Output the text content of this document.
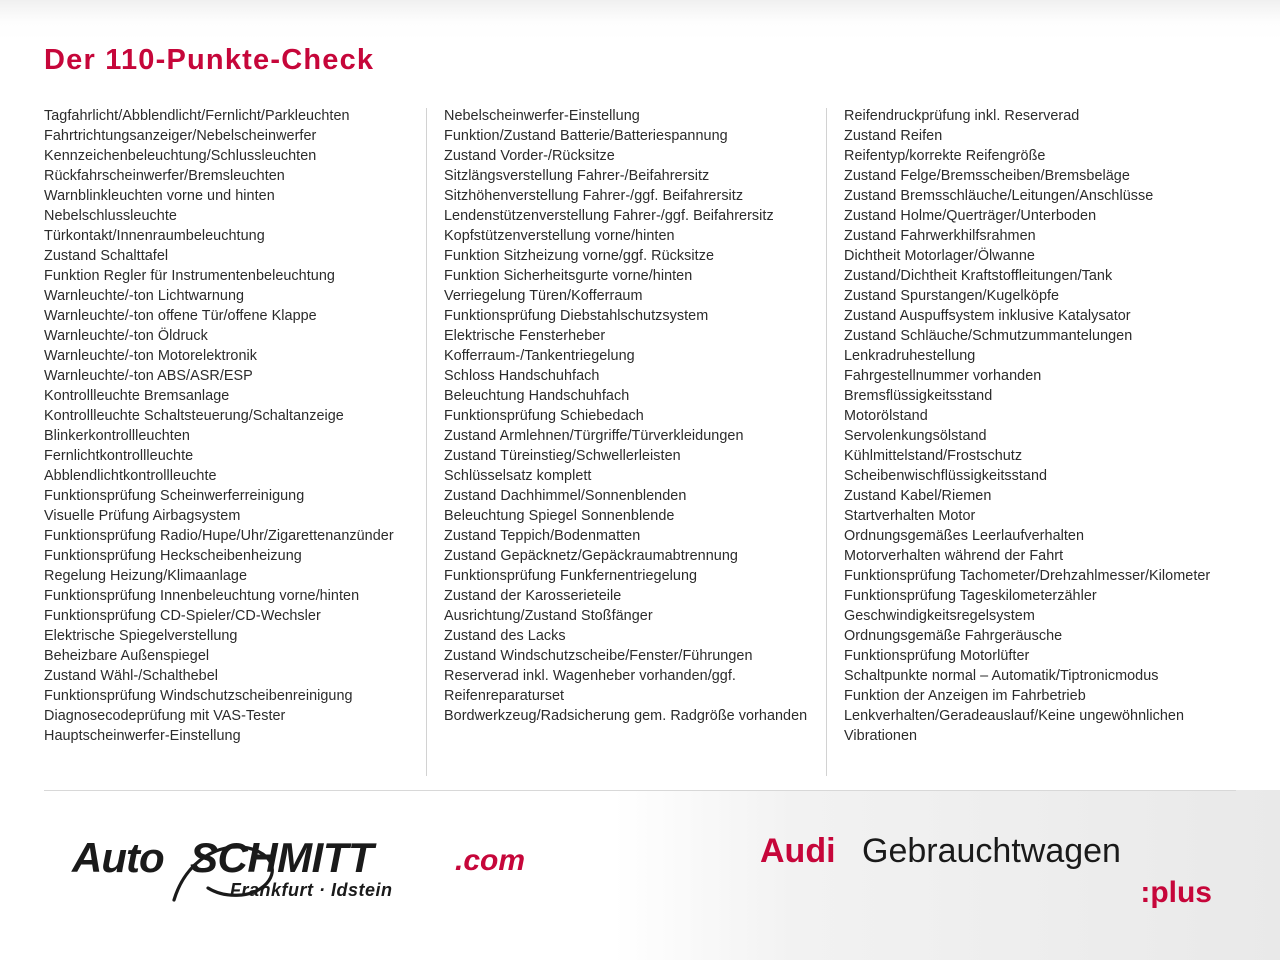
Der 110-Punkte-Check
Tagfahrlicht/Abblendlicht/Fernlicht/Parkleuchten
Fahrtrichtungsanzeiger/Nebelscheinwerfer
Kennzeichenbeleuchtung/Schlussleuchten
Rückfahrscheinwerfer/Bremsleuchten
Warnblinkleuchten vorne und hinten
Nebelschlussleuchte
Türkontakt/Innenraumbeleuchtung
Zustand Schalttafel
Funktion Regler für Instrumentenbeleuchtung
Warnleuchte/-ton Lichtwarnung
Warnleuchte/-ton offene Tür/offene Klappe
Warnleuchte/-ton Öldruck
Warnleuchte/-ton Motorelektronik
Warnleuchte/-ton ABS/ASR/ESP
Kontrollleuchte Bremsanlage
Kontrollleuchte Schaltsteuerung/Schaltanzeige
Blinkerkontrollleuchten
Fernlichtkontrollleuchte
Abblendlichtkontrollleuchte
Funktionsprüfung Scheinwerferreinigung
Visuelle Prüfung Airbagsystem
Funktionsprüfung Radio/Hupe/Uhr/Zigarettenanzünder
Funktionsprüfung Heckscheibenheizung
Regelung Heizung/Klimaanlage
Funktionsprüfung Innenbeleuchtung vorne/hinten
Funktionsprüfung CD-Spieler/CD-Wechsler
Elektrische Spiegelverstellung
Beheizbare Außenspiegel
Zustand Wähl-/Schalthebel
Funktionsprüfung Windschutzscheibenreinigung
Diagnosecodeprüfung mit VAS-Tester
Hauptscheinwerfer-Einstellung
Nebelscheinwerfer-Einstellung
Funktion/Zustand Batterie/Batteriespannung
Zustand Vorder-/Rücksitze
Sitzlängsverstellung Fahrer-/Beifahrersitz
Sitzhöhenverstellung Fahrer-/ggf. Beifahrersitz
Lendenstützenverstellung Fahrer-/ggf. Beifahrersitz
Kopfstützenverstellung vorne/hinten
Funktion Sitzheizung vorne/ggf. Rücksitze
Funktion Sicherheitsgurte vorne/hinten
Verriegelung Türen/Kofferraum
Funktionsprüfung Diebstahlschutzsystem
Elektrische Fensterheber
Kofferraum-/Tankentriegelung
Schloss Handschuhfach
Beleuchtung Handschuhfach
Funktionsprüfung Schiebedach
Zustand Armlehnen/Türgriffe/Türverkleidungen
Zustand Türeinstieg/Schwellerleisten
Schlüsselsatz komplett
Zustand Dachhimmel/Sonnenblenden
Beleuchtung Spiegel Sonnenblende
Zustand Teppich/Bodenmatten
Zustand Gepäcknetz/Gepäckraumabtrennung
Funktionsprüfung Funkfernentriegelung
Zustand der Karosserieteile
Ausrichtung/Zustand Stoßfänger
Zustand des Lacks
Zustand Windschutzscheibe/Fenster/Führungen
Reserverad inkl. Wagenheber vorhanden/ggf. Reifenreparaturset
Bordwerkzeug/Radsicherung gem. Radgröße vorhanden
Reifendruckprüfung inkl. Reserverad
Zustand Reifen
Reifentyp/korrekte Reifengröße
Zustand Felge/Bremsscheiben/Bremsbeläge
Zustand Bremsschläuche/Leitungen/Anschlüsse
Zustand Holme/Querträger/Unterboden
Zustand Fahrwerkhilfsrahmen
Dichtheit Motorlager/Ölwanne
Zustand/Dichtheit Kraftstoffleitungen/Tank
Zustand Spurstangen/Kugelköpfe
Zustand Auspuffsystem inklusive Katalysator
Zustand Schläuche/Schmutzummantelungen
Lenkradruhestellung
Fahrgestellnummer vorhanden
Bremsflüssigkeitsstand
Motorölstand
Servolenkungsölstand
Kühlmittelstand/Frostschutz
Scheibenwischflüssigkeitsstand
Zustand Kabel/Riemen
Startverhalten Motor
Ordnungsgemäßes Leerlaufverhalten
Motorverhalten während der Fahrt
Funktionsprüfung Tachometer/Drehzahlmesser/Kilometer
Funktionsprüfung Tageskilometerzähler
Geschwindigkeitsregelsystem
Ordnungsgemäße Fahrgeräusche
Funktionsprüfung Motorlüfter
Schaltpunkte normal – Automatik/Tiptronicmodus
Funktion der Anzeigen im Fahrbetrieb
Lenkverhalten/Geradeauslauf/Keine ungewöhnlichen Vibrationen
Auto SCHMITT	.com
Frankfurt · Idstein
Audi Gebrauchtwagen
:plus
